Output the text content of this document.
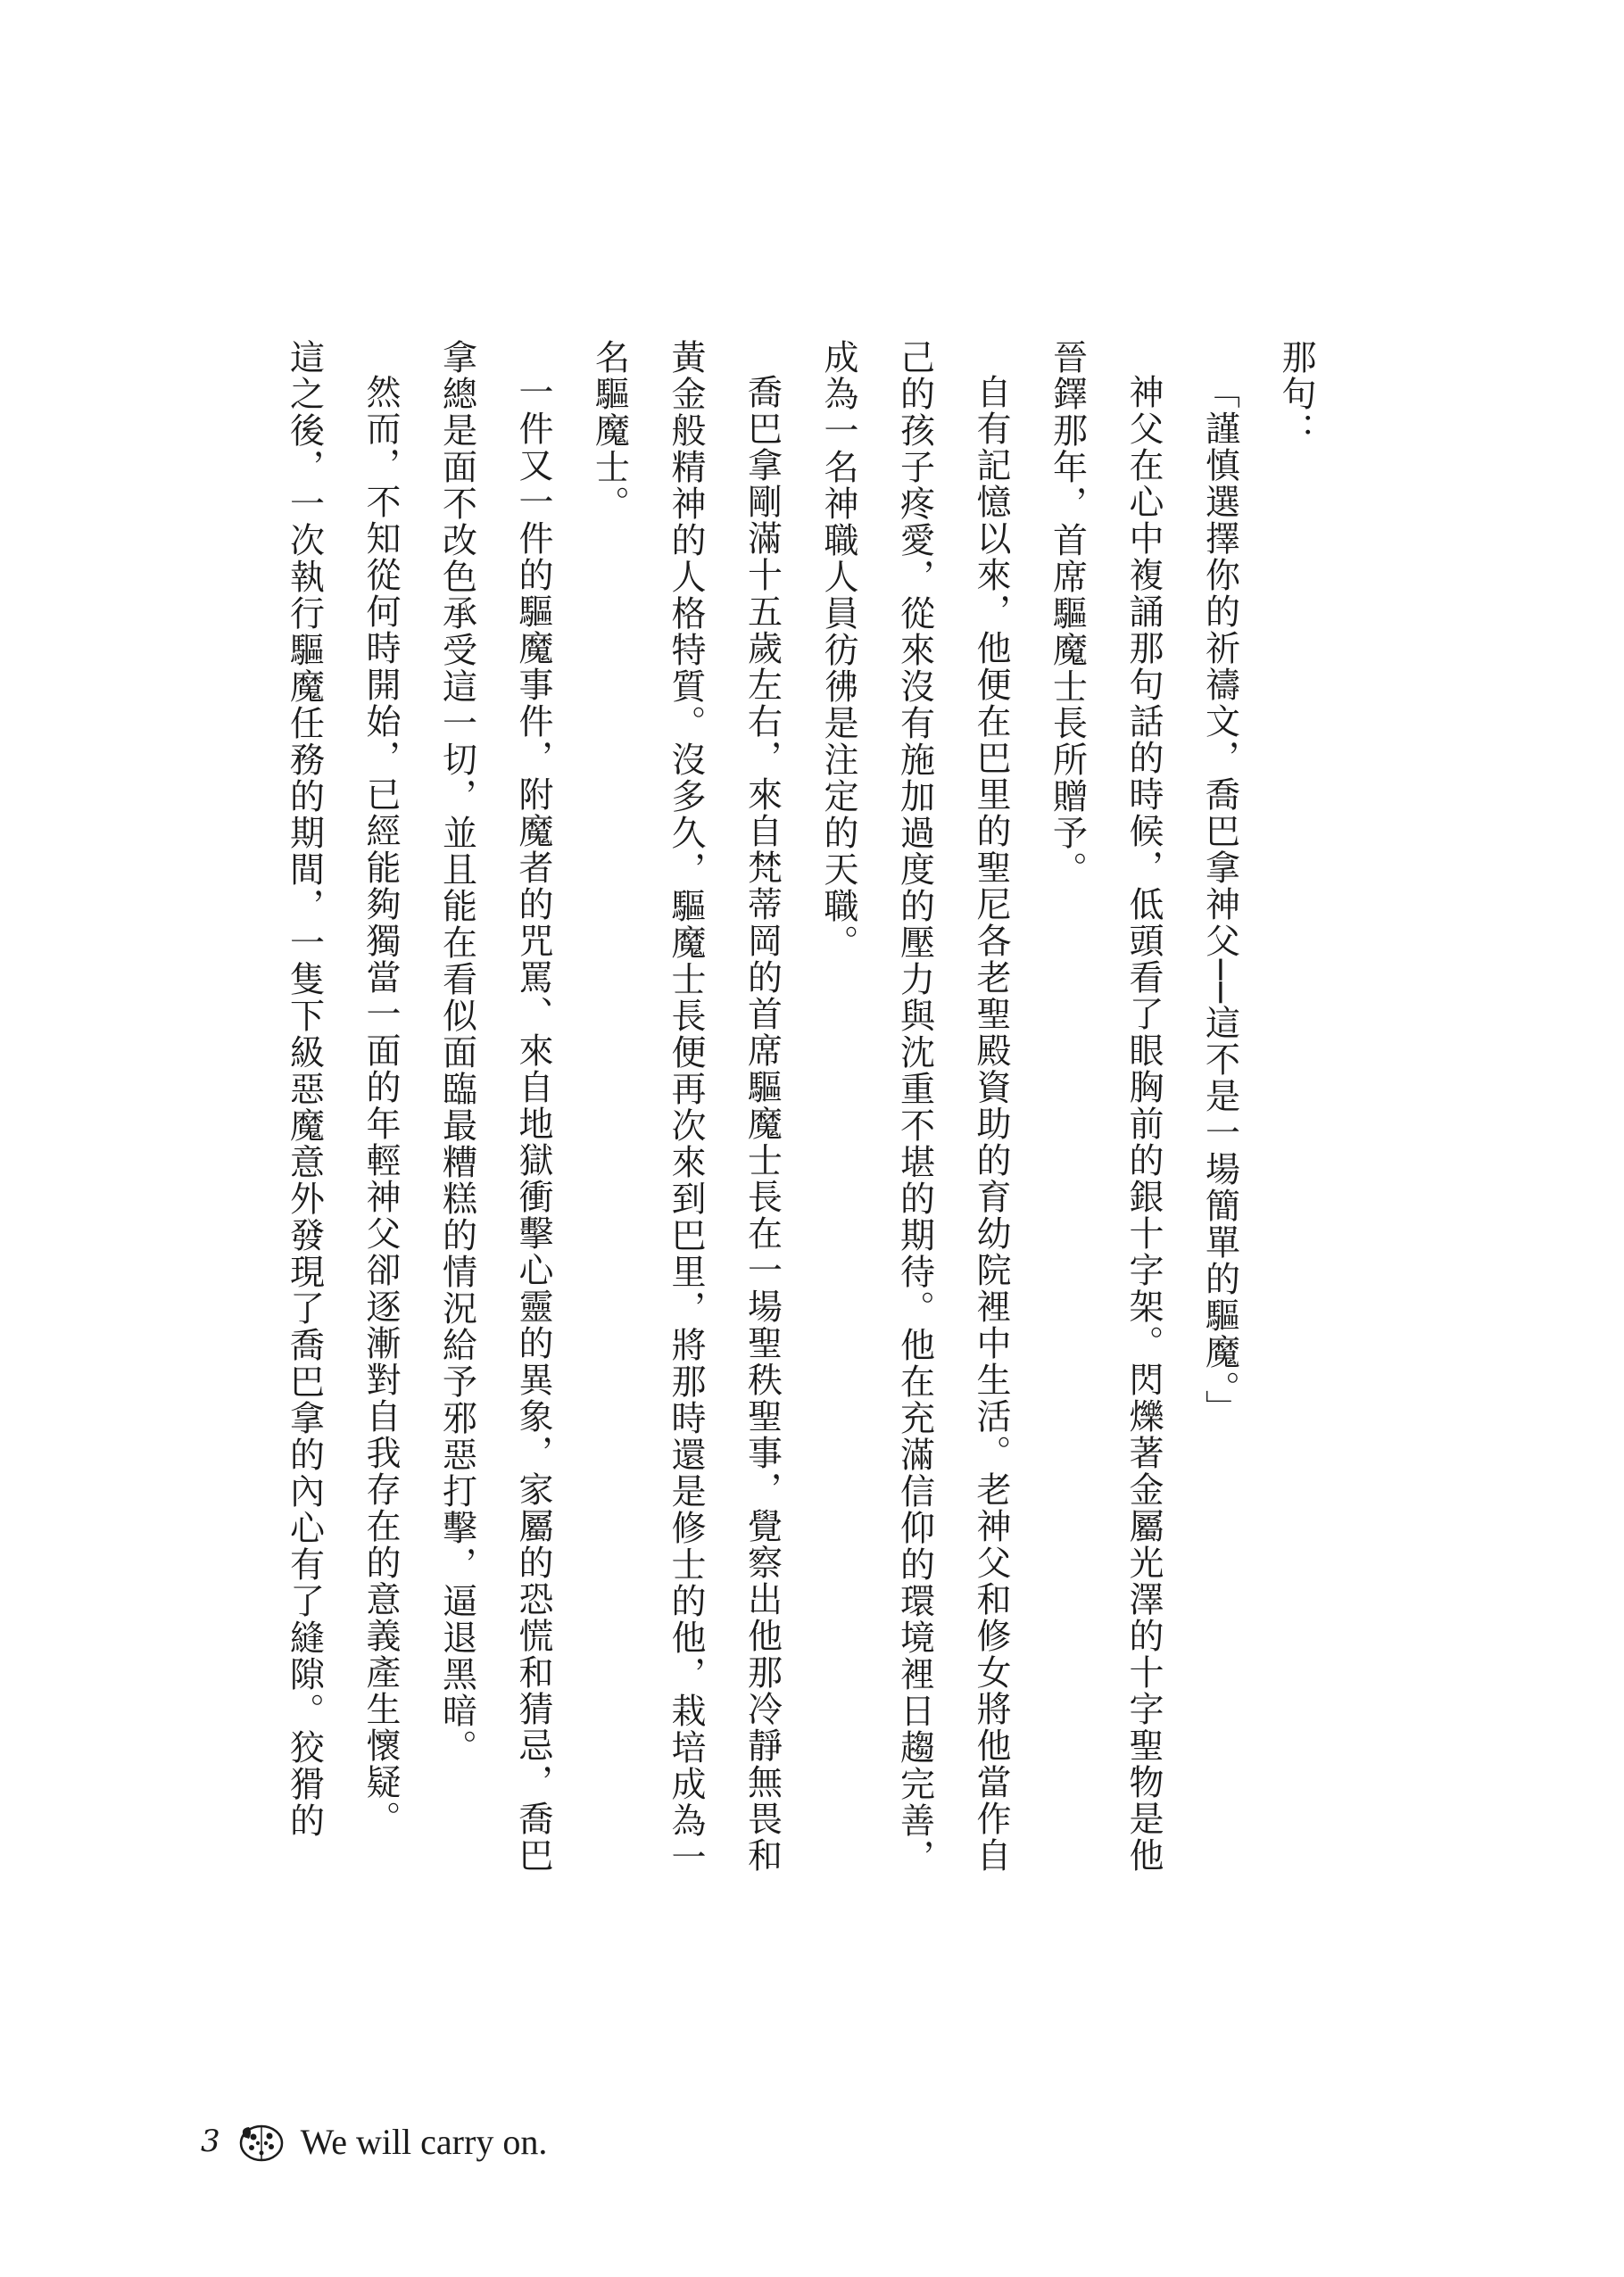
那句：

「謹慎選擇你的祈禱文，喬巴拿神父──這不是一場簡單的驅魔。」

神父在心中複誦那句話的時候，低頭看了眼胸前的銀十字架。閃爍著金屬光澤的十字聖物是他晉鐸那年，首席驅魔士長所贈予。

自有記憶以來，他便在巴里的聖尼各老聖殿資助的育幼院裡中生活。老神父和修女將他當作自己的孩子疼愛，從來沒有施加過度的壓力與沈重不堪的期待。他在充滿信仰的環境裡日趨完善，成為一名神職人員彷彿是注定的天職。

喬巴拿剛滿十五歲左右，來自梵蒂岡的首席驅魔士長在一場聖秩聖事，覺察出他那冷靜無畏和黃金般精神的人格特質。沒多久，驅魔士長便再次來到巴里，將那時還是修士的他，栽培成為一名驅魔士。

一件又一件的驅魔事件，附魔者的咒罵、來自地獄衝擊心靈的異象，家屬的恐慌和猜忌，喬巴拿總是面不改色承受這一切，並且能在看似面臨最糟糕的情況給予邪惡打擊，逼退黑暗。

然而，不知從何時開始，已經能夠獨當一面的年輕神父卻逐漸對自我存在的意義產生懷疑。

這之後，一次執行驅魔任務的期間，一隻下級惡魔意外發現了喬巴拿的內心有了縫隙。狡猾的

3 We will carry on.
